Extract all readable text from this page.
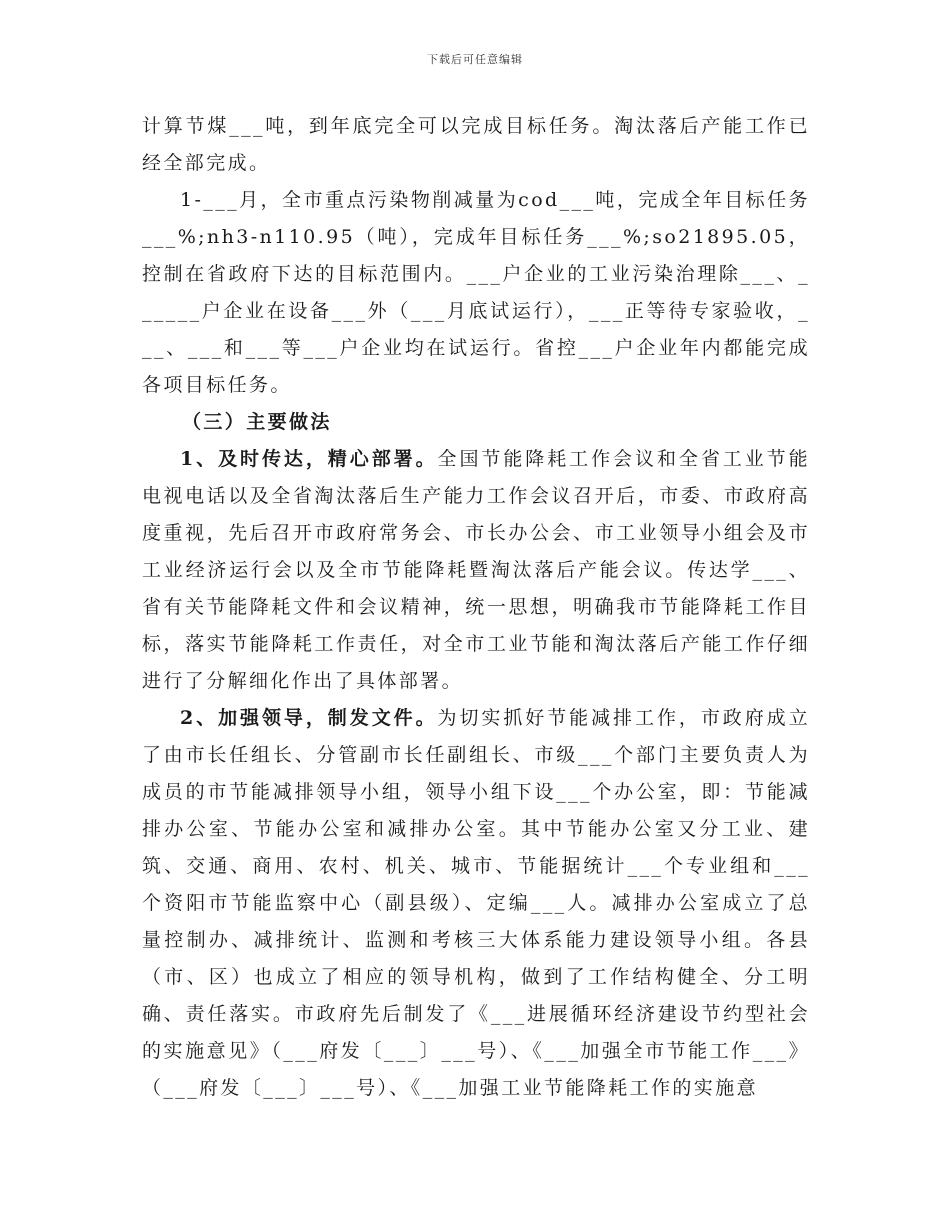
下载后可任意编辑

计算节煤___吨，到年底完全可以完成目标任务。淘汰落后产能工作已经全部完成。

1-___月，全市重点污染物削减量为cod___吨，完成全年目标任务___%;nh3-n110.95（吨），完成年目标任务___%;so21895.05，控制在省政府下达的目标范围内。___户企业的工业污染治理除___、______户企业在设备___外（___月底试运行），___正等待专家验收，___、___和___等___户企业均在试运行。省控___户企业年内都能完成各项目标任务。

（三）主要做法

1、及时传达，精心部署。全国节能降耗工作会议和全省工业节能电视电话以及全省淘汰落后生产能力工作会议召开后，市委、市政府高度重视，先后召开市政府常务会、市长办公会、市工业领导小组会及市工业经济运行会以及全市节能降耗暨淘汰落后产能会议。传达学___、省有关节能降耗文件和会议精神，统一思想，明确我市节能降耗工作目标，落实节能降耗工作责任，对全市工业节能和淘汰落后产能工作仔细进行了分解细化作出了具体部署。

2、加强领导，制发文件。为切实抓好节能减排工作，市政府成立了由市长任组长、分管副市长任副组长、市级___个部门主要负责人为成员的市节能减排领导小组，领导小组下设___个办公室，即：节能减排办公室、节能办公室和减排办公室。其中节能办公室又分工业、建筑、交通、商用、农村、机关、城市、节能据统计___个专业组和___个资阳市节能监察中心（副县级）、定编___人。减排办公室成立了总量控制办、减排统计、监测和考核三大体系能力建设领导小组。各县（市、区）也成立了相应的领导机构，做到了工作结构健全、分工明确、责任落实。市政府先后制发了《___进展循环经济建设节约型社会的实施意见》（___府发〔___〕___号）、《___加强全市节能工作___》（___府发〔___〕___号）、《___加强工业节能降耗工作的实施意
